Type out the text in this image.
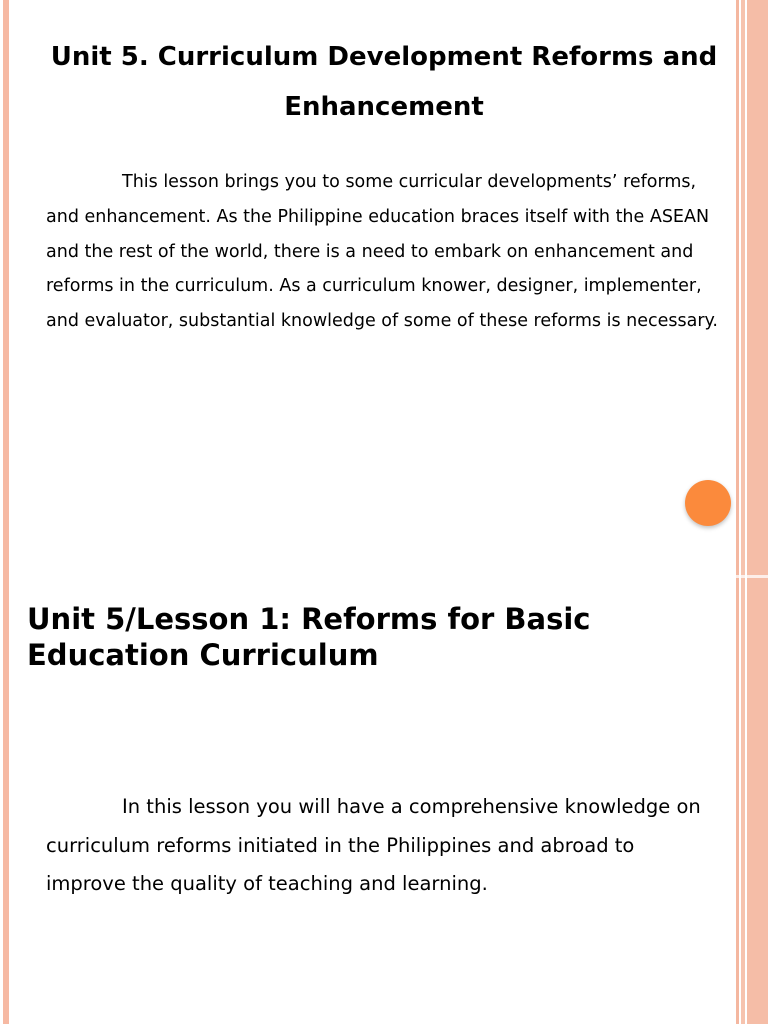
Unit 5. Curriculum Development Reforms and Enhancement

This lesson brings you to some curricular developments’ reforms, and enhancement. As the Philippine education braces itself with the ASEAN and the rest of the world, there is a need to embark on enhancement and reforms in the curriculum. As a curriculum knower, designer, implementer, and evaluator, substantial knowledge of some of these reforms is necessary.

Unit 5/Lesson 1: Reforms for Basic Education Curriculum

In this lesson you will have a comprehensive knowledge on curriculum reforms initiated in the Philippines and abroad to improve the quality of teaching and learning.
